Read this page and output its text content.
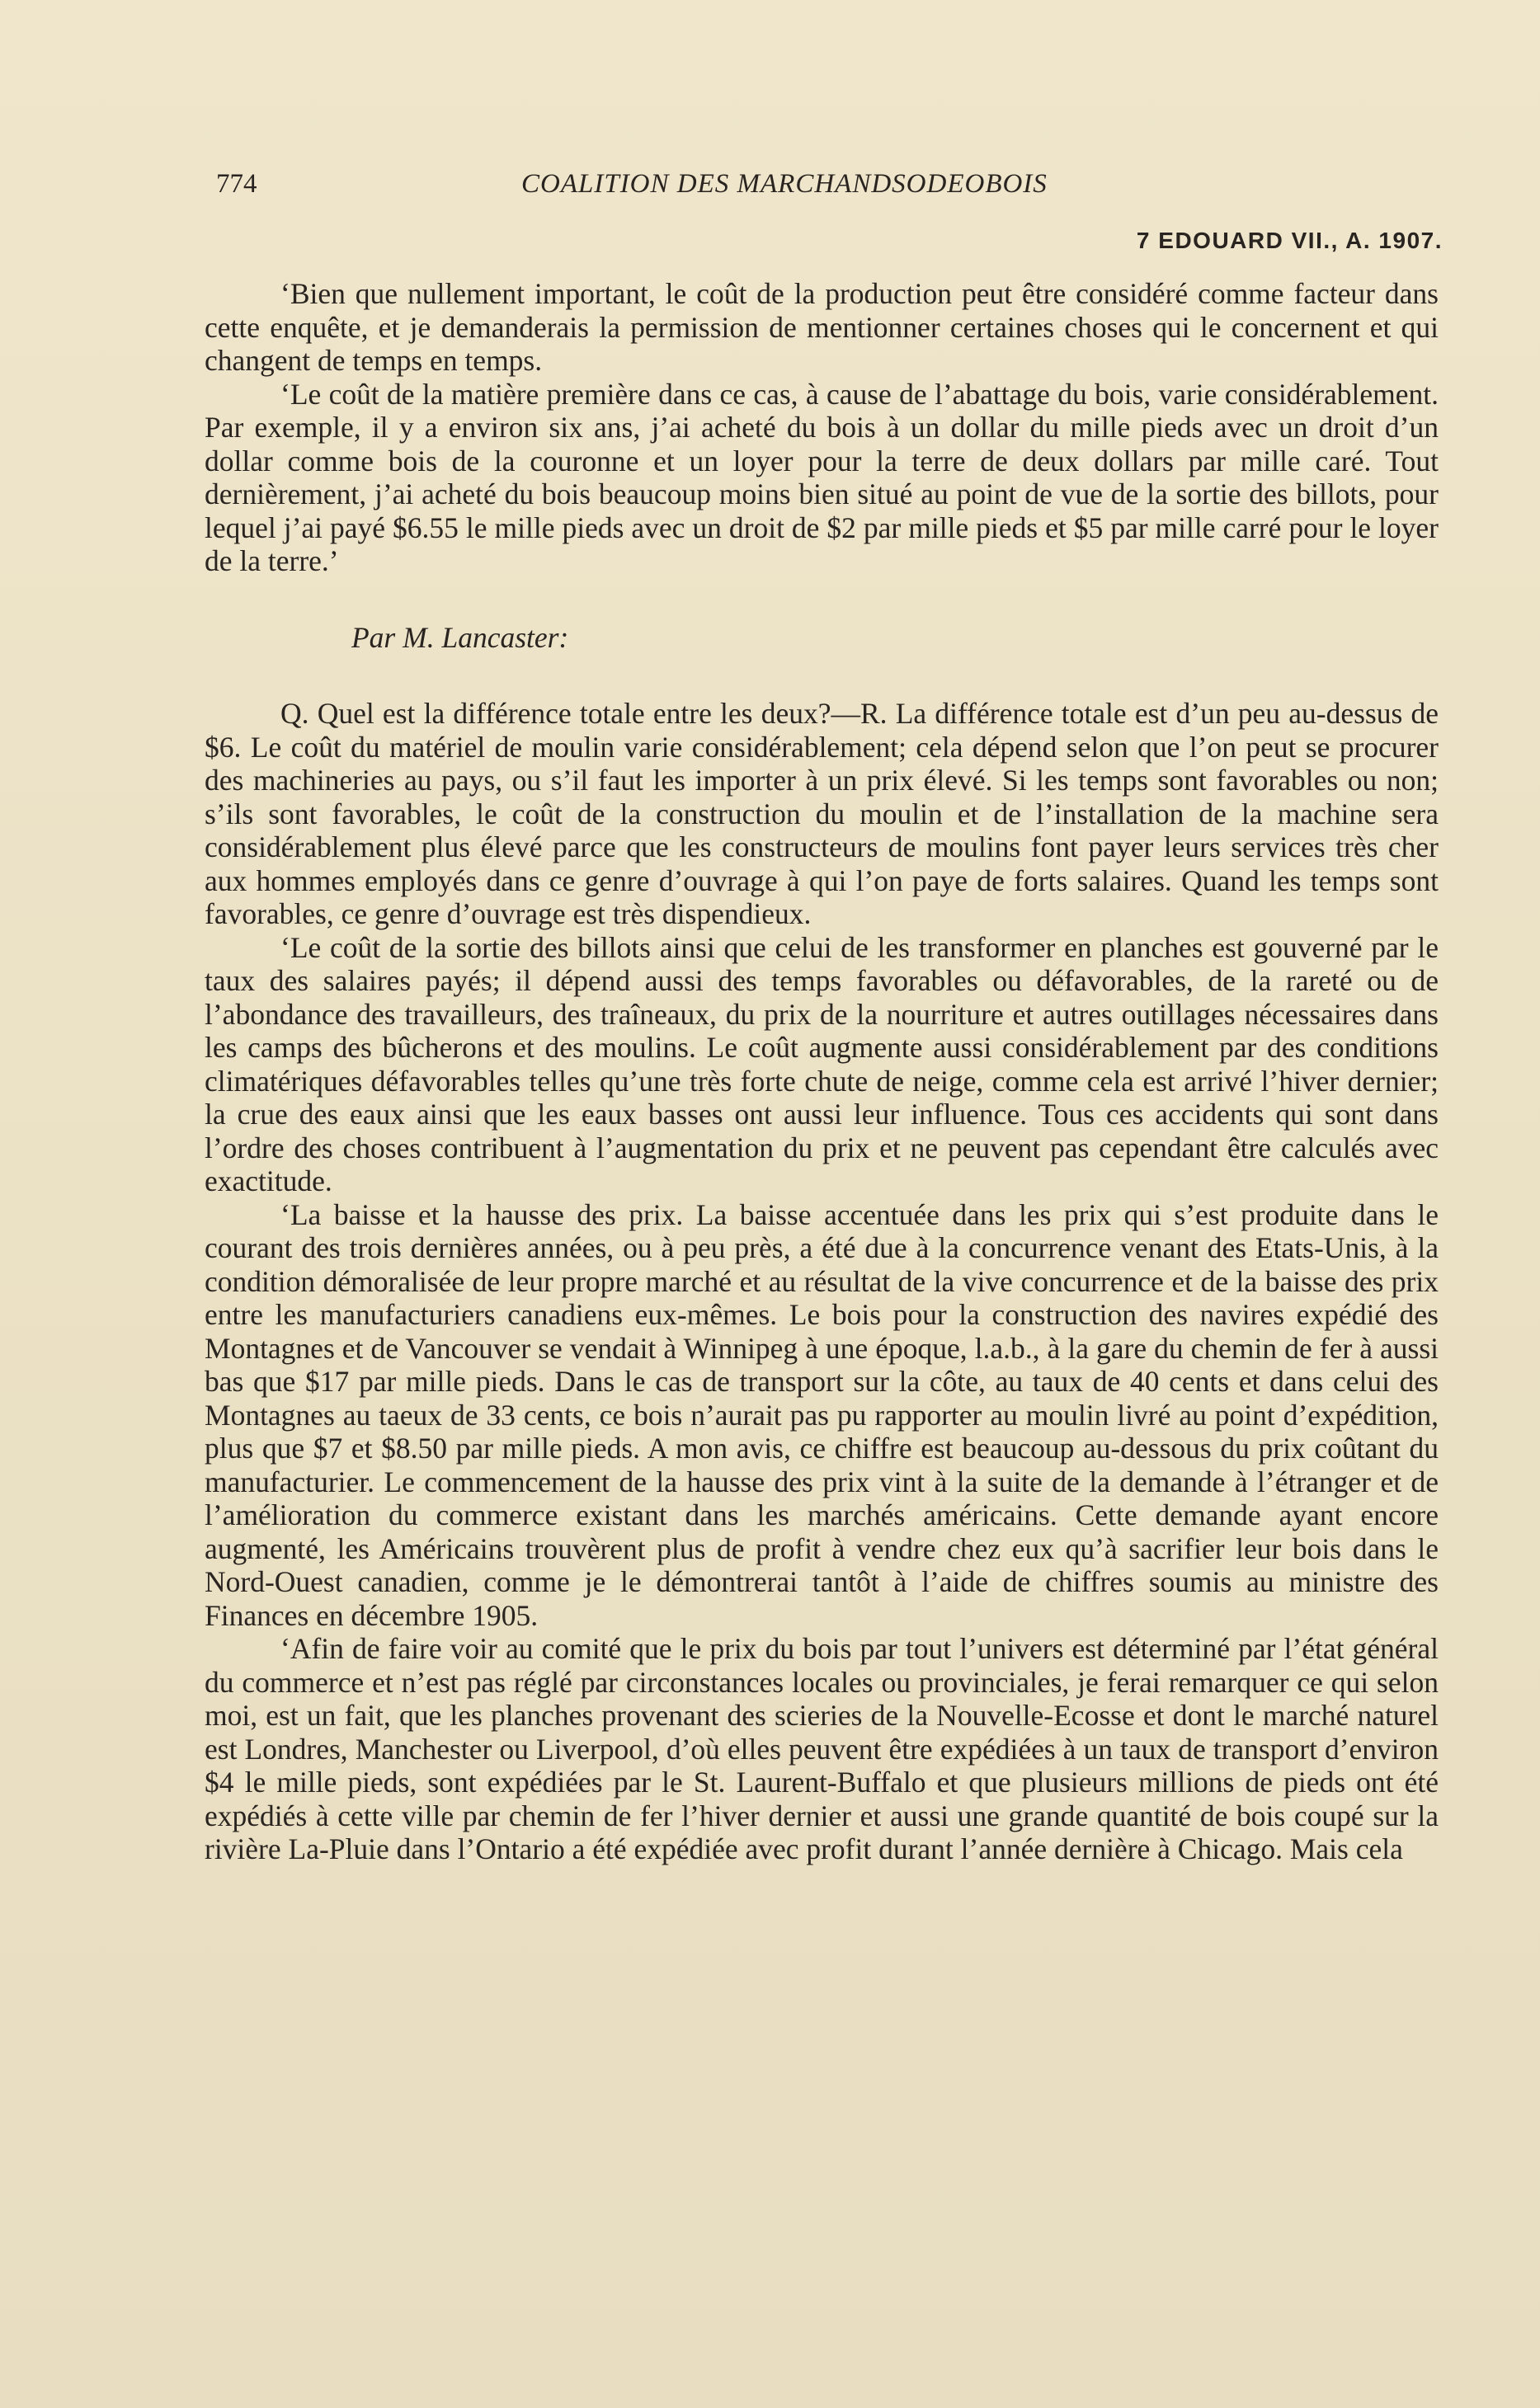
774	COALITION DES MARCHANDSODEOBOIS
7 EDOUARD VII., A. 1907.

‘Bien que nullement important, le coût de la production peut être considéré comme facteur dans cette enquête, et je demanderais la permission de mentionner certaines choses qui le concernent et qui changent de temps en temps.

‘Le coût de la matière première dans ce cas, à cause de l’abattage du bois, varie considérablement. Par exemple, il y a environ six ans, j’ai acheté du bois à un dollar du mille pieds avec un droit d’un dollar comme bois de la couronne et un loyer pour la terre de deux dollars par mille caré. Tout dernièrement, j’ai acheté du bois beaucoup moins bien situé au point de vue de la sortie des billots, pour lequel j’ai payé $6.55 le mille pieds avec un droit de $2 par mille pieds et $5 par mille carré pour le loyer de la terre.’

Par M. Lancaster:

Q. Quel est la différence totale entre les deux?—R. La différence totale est d’un peu au-dessus de $6. Le coût du matériel de moulin varie considérablement; cela dépend selon que l’on peut se procurer des machineries au pays, ou s’il faut les importer à un prix élevé. Si les temps sont favorables ou non; s’ils sont favorables, le coût de la construction du moulin et de l’installation de la machine sera considérablement plus élevé parce que les constructeurs de moulins font payer leurs services très cher aux hommes employés dans ce genre d’ouvrage à qui l’on paye de forts salaires. Quand les temps sont favorables, ce genre d’ouvrage est très dispendieux.

‘Le coût de la sortie des billots ainsi que celui de les transformer en planches est gouverné par le taux des salaires payés; il dépend aussi des temps favorables ou défavorables, de la rareté ou de l’abondance des travailleurs, des traîneaux, du prix de la nourriture et autres outillages nécessaires dans les camps des bûcherons et des moulins. Le coût augmente aussi considérablement par des conditions climatériques défavorables telles qu’une très forte chute de neige, comme cela est arrivé l’hiver dernier; la crue des eaux ainsi que les eaux basses ont aussi leur influence. Tous ces accidents qui sont dans l’ordre des choses contribuent à l’augmentation du prix et ne peuvent pas cependant être calculés avec exactitude.

‘La baisse et la hausse des prix. La baisse accentuée dans les prix qui s’est produite dans le courant des trois dernières années, ou à peu près, a été due à la concurrence venant des Etats-Unis, à la condition démoralisée de leur propre marché et au résultat de la vive concurrence et de la baisse des prix entre les manufacturiers canadiens eux-mêmes. Le bois pour la construction des navires expédié des Montagnes et de Vancouver se vendait à Winnipeg à une époque, l.a.b., à la gare du chemin de fer à aussi bas que $17 par mille pieds. Dans le cas de transport sur la côte, au taux de 40 cents et dans celui des Montagnes au taeux de 33 cents, ce bois n’aurait pas pu rapporter au moulin livré au point d’expédition, plus que $7 et $8.50 par mille pieds. A mon avis, ce chiffre est beaucoup au-dessous du prix coûtant du manufacturier. Le commencement de la hausse des prix vint à la suite de la demande à l’étranger et de l’amélioration du commerce existant dans les marchés américains. Cette demande ayant encore augmenté, les Américains trouvèrent plus de profit à vendre chez eux qu’à sacrifier leur bois dans le Nord-Ouest canadien, comme je le démontrerai tantôt à l’aide de chiffres soumis au ministre des Finances en décembre 1905.

‘Afin de faire voir au comité que le prix du bois par tout l’univers est déterminé par l’état général du commerce et n’est pas réglé par circonstances locales ou provinciales, je ferai remarquer ce qui selon moi, est un fait, que les planches provenant des scieries de la Nouvelle-Ecosse et dont le marché naturel est Londres, Manchester ou Liverpool, d’où elles peuvent être expédiées à un taux de transport d’environ $4 le mille pieds, sont expédiées par le St. Laurent-Buffalo et que plusieurs millions de pieds ont été expédiés à cette ville par chemin de fer l’hiver dernier et aussi une grande quantité de bois coupé sur la rivière La-Pluie dans l’Ontario a été expédiée avec profit durant l’année dernière à Chicago. Mais cela
